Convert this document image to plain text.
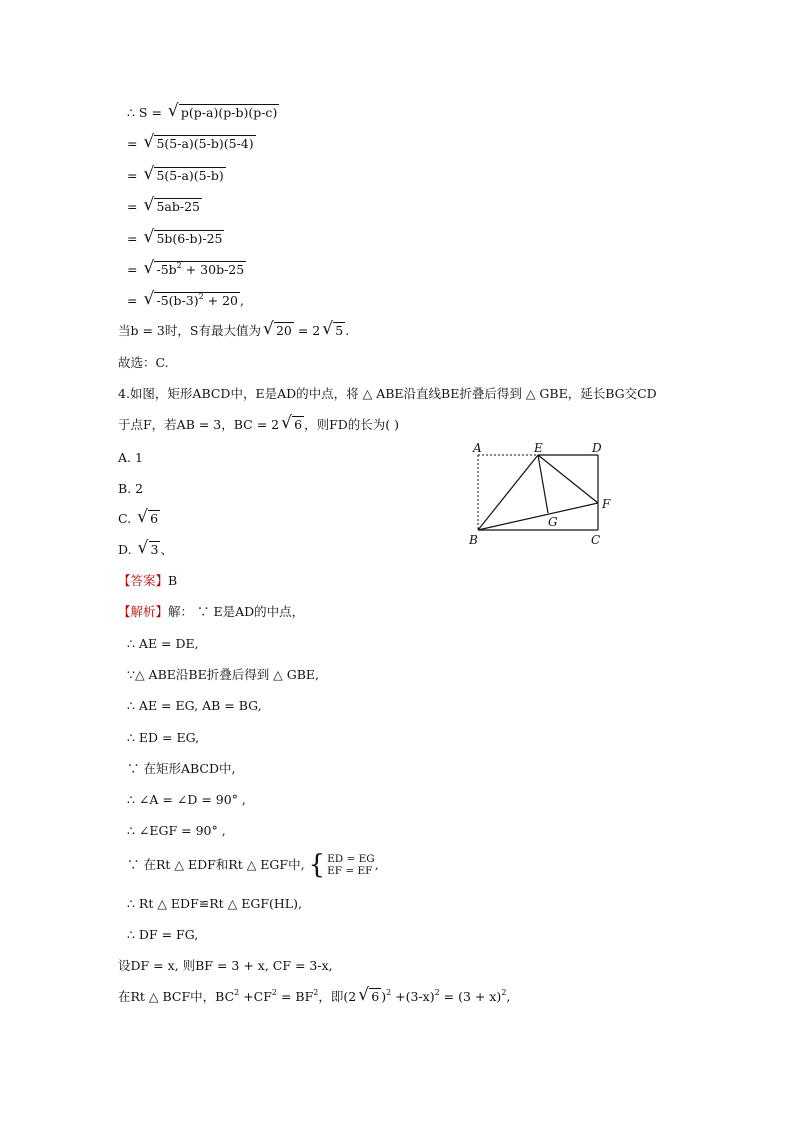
∴ S = √ p(p-a)(p-b)(p-c)
= √ 5(5-a)(5-b)(5-4)
= √ 5(5-a)(5-b)
= √ 5ab-25
= √ 5b(6-b)-25
= √ $-5b^2 + 30b-25$
= √ $-5(b-3)^2 + 20$ ,
当b = 3时，S有最大值为 √ 20 = 2 √ 5 .
故选：C.
4.如图，矩形ABCD中，E是AD的中点，将 △ ABE沿直线BE折叠后得到 △ GBE，延长BG交CD
于点F，若AB = 3，BC = 2 √ 6 ，则FD的长为( )
A. 1
B. 2
C. √ 6
D. √ 3 、
A	E	D
F
G
B	C
【答案】B
【解析】解： ∵ E是AD的中点，
∴ AE = DE,
∵△ ABE沿BE折叠后得到 △ GBE,
∴ AE = EG, AB = BG,
∴ ED = EG,
∵ 在矩形ABCD中,
∴ ∠A = ∠D = 90° ,
∴ ∠EGF = 90° ,
∵ 在Rt △ EDF和Rt △ EGF中, { ED = EG
EF = EF ,
∴ Rt △ EDF≌Rt △ EGF(HL),
∴ DF = FG,
设DF = x, 则BF = 3 + x, CF = 3-x,
在Rt △ BCF中，$BC^2 +CF^2 = BF^2$，即(2 √ 6 )$^2 +(3-x)^2 = (3 + x)^2$,
